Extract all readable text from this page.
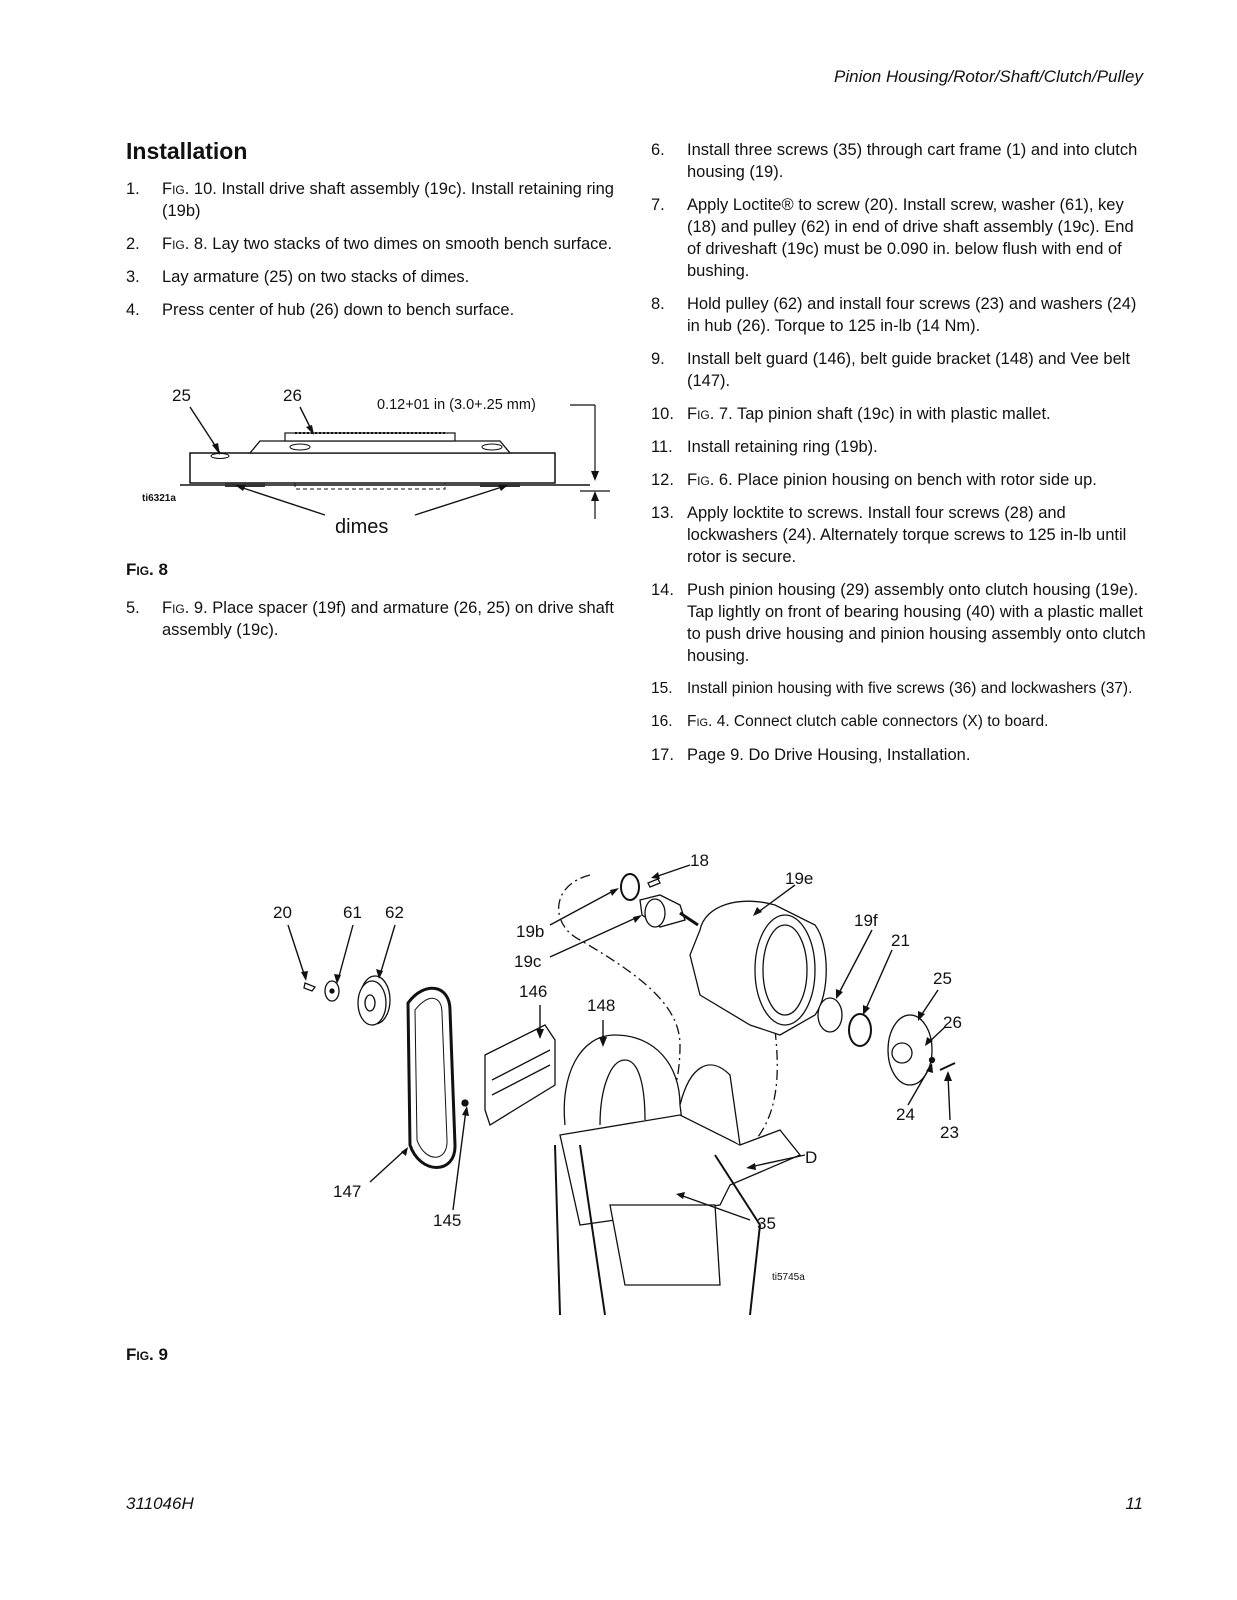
Pinion Housing/Rotor/Shaft/Clutch/Pulley
Installation
1. Fig. 10. Install drive shaft assembly (19c). Install retaining ring (19b)
2. Fig. 8. Lay two stacks of two dimes on smooth bench surface.
3. Lay armature (25) on two stacks of dimes.
4. Press center of hub (26) down to bench surface.
25	26	0.12+01 in (3.0+.25 mm)
dimes
ti6321a
Fig. 8
5. Fig. 9. Place spacer (19f) and armature (26, 25) on drive shaft assembly (19c).
6. Install three screws (35) through cart frame (1) and into clutch housing (19).
7. Apply Loctite® to screw (20). Install screw, washer (61), key (18) and pulley (62) in end of drive shaft assembly (19c). End of driveshaft (19c) must be 0.090 in. below flush with end of bushing.
8. Hold pulley (62) and install four screws (23) and washers (24) in hub (26). Torque to 125 in-lb (14 Nm).
9. Install belt guard (146), belt guide bracket (148) and Vee belt (147).
10. Fig. 7. Tap pinion shaft (19c) in with plastic mallet.
11. Install retaining ring (19b).
12. Fig. 6. Place pinion housing on bench with rotor side up.
13. Apply locktite to screws. Install four screws (28) and lockwashers (24). Alternately torque screws to 125 in-lb until rotor is secure.
14. Push pinion housing (29) assembly onto clutch housing (19e). Tap lightly on front of bearing housing (40) with a plastic mallet to push drive housing and pinion housing assembly onto clutch housing.
15. Install pinion housing with five screws (36) and lockwashers (37).
16. Fig. 4. Connect clutch cable connectors (X) to board.
17. Page 9. Do Drive Housing, Installation.
18
19e
20	61 62
19b
19c
19f
21
25
146
148
26
24
23
D
147
145	35
ti5745a
Fig. 9
311046H	11
